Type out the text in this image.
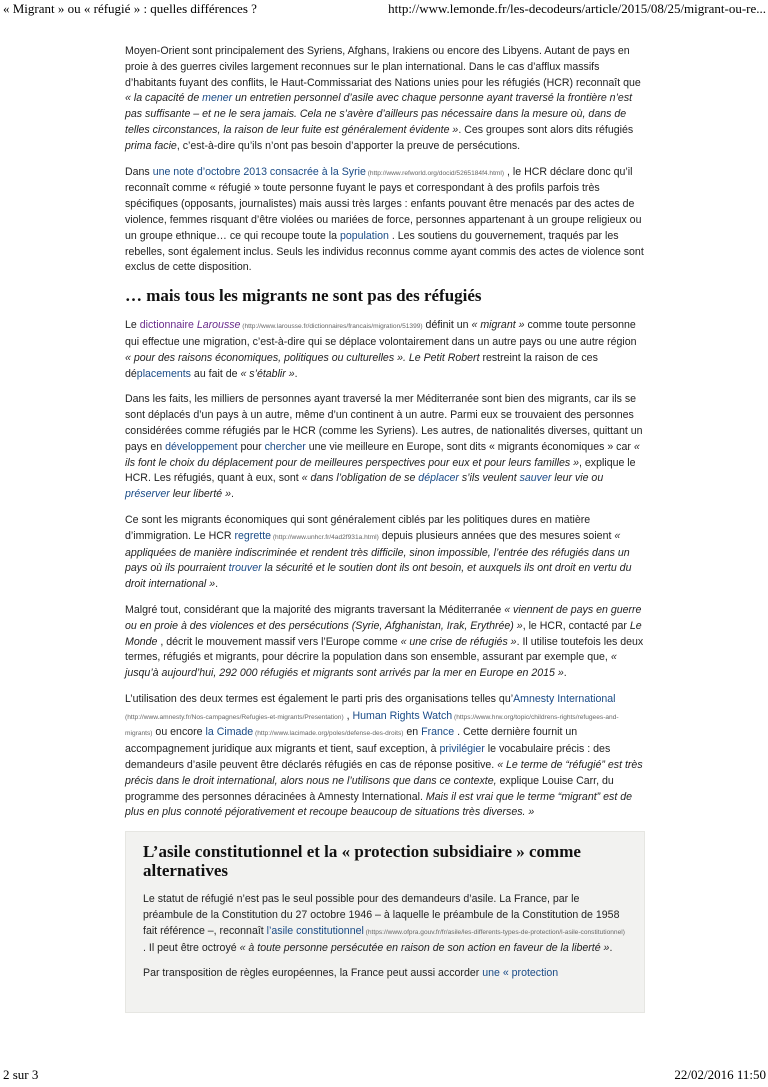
« Migrant » ou « réfugié » : quelles différences ?	http://www.lemonde.fr/les-decodeurs/article/2015/08/25/migrant-ou-re...

Moyen-Orient sont principalement des Syriens, Afghans, Irakiens ou encore des Libyens. Autant de pays en proie à des guerres civiles largement reconnues sur le plan international. Dans le cas d’afflux massifs d’habitants fuyant des conflits, le Haut-Commissariat des Nations unies pour les réfugiés (HCR) reconnaît que « la capacité de mener un entretien personnel d’asile avec chaque personne ayant traversé la frontière n’est pas suffisante – et ne le sera jamais. Cela ne s’avère d’ailleurs pas nécessaire dans la mesure où, dans de telles circonstances, la raison de leur fuite est généralement évidente ». Ces groupes sont alors dits réfugiés prima facie, c’est-à-dire qu’ils n’ont pas besoin d’apporter la preuve de persécutions.

Dans une note d’octobre 2013 consacrée à la Syrie (http://www.refworld.org/docid/5265184f4.html) , le HCR déclare donc qu’il reconnaît comme « réfugié » toute personne fuyant le pays et correspondant à des profils parfois très spécifiques (opposants, journalistes) mais aussi très larges : enfants pouvant être menacés par des actes de violence, femmes risquant d’être violées ou mariées de force, personnes appartenant à un groupe religieux ou un groupe ethnique… ce qui recoupe toute la population . Les soutiens du gouvernement, traqués par les rebelles, sont également inclus. Seuls les individus reconnus comme ayant commis des actes de violence sont exclus de cette disposition.

… mais tous les migrants ne sont pas des réfugiés

Le dictionnaire Larousse (http://www.larousse.fr/dictionnaires/francais/migration/51399) définit un « migrant » comme toute personne qui effectue une migration, c’est-à-dire qui se déplace volontairement dans un autre pays ou une autre région « pour des raisons économiques, politiques ou culturelles ». Le Petit Robert restreint la raison de ces déplacements au fait de « s’établir ».

Dans les faits, les milliers de personnes ayant traversé la mer Méditerranée sont bien des migrants, car ils se sont déplacés d’un pays à un autre, même d’un continent à un autre. Parmi eux se trouvaient des personnes considérées comme réfugiés par le HCR (comme les Syriens). Les autres, de nationalités diverses, quittant un pays en développement pour chercher une vie meilleure en Europe, sont dits « migrants économiques » car « ils font le choix du déplacement pour de meilleures perspectives pour eux et pour leurs familles », explique le HCR. Les réfugiés, quant à eux, sont « dans l’obligation de se déplacer s’ils veulent sauver leur vie ou préserver leur liberté ».

Ce sont les migrants économiques qui sont généralement ciblés par les politiques dures en matière d’immigration. Le HCR regrette (http://www.unhcr.fr/4ad2f931a.html) depuis plusieurs années que des mesures soient « appliquées de manière indiscriminée et rendent très difficile, sinon impossible, l’entrée des réfugiés dans un pays où ils pourraient trouver la sécurité et le soutien dont ils ont besoin, et auxquels ils ont droit en vertu du droit international ».

Malgré tout, considérant que la majorité des migrants traversant la Méditerranée « viennent de pays en guerre ou en proie à des violences et des persécutions (Syrie, Afghanistan, Irak, Erythrée) », le HCR, contacté par Le Monde , décrit le mouvement massif vers l’Europe comme « une crise de réfugiés ». Il utilise toutefois les deux termes, réfugiés et migrants, pour décrire la population dans son ensemble, assurant par exemple que, « jusqu’à aujourd’hui, 292 000 réfugiés et migrants sont arrivés par la mer en Europe en 2015 ».

L’utilisation des deux termes est également le parti pris des organisations telles qu’Amnesty International (http://www.amnesty.fr/Nos-campagnes/Refugies-et-migrants/Presentation) , Human Rights Watch (https://www.hrw.org/topic/childrens-rights/refugees-and-migrants) ou encore la Cimade (http://www.lacimade.org/poles/defense-des-droits) en France . Cette dernière fournit un accompagnement juridique aux migrants et tient, sauf exception, à privilégier le vocabulaire précis : des demandeurs d’asile peuvent être déclarés réfugiés en cas de réponse positive. « Le terme de “réfugié” est très précis dans le droit international, alors nous ne l’utilisons que dans ce contexte, explique Louise Carr, du programme des personnes déracinées à Amnesty International. Mais il est vrai que le terme “migrant” est de plus en plus connoté péjorativement et recoupe beaucoup de situations très diverses. »

L’asile constitutionnel et la « protection subsidiaire » comme alternatives

Le statut de réfugié n’est pas le seul possible pour des demandeurs d’asile. La France, par le préambule de la Constitution du 27 octobre 1946 – à laquelle le préambule de la Constitution de 1958 fait référence –, reconnaît l’asile constitutionnel (https://www.ofpra.gouv.fr/fr/asile/les-differents-types-de-protection/l-asile-constitutionnel) . Il peut être octroyé « à toute personne persécutée en raison de son action en faveur de la liberté ».

Par transposition de règles européennes, la France peut aussi accorder une « protection

2 sur 3	22/02/2016 11:50
